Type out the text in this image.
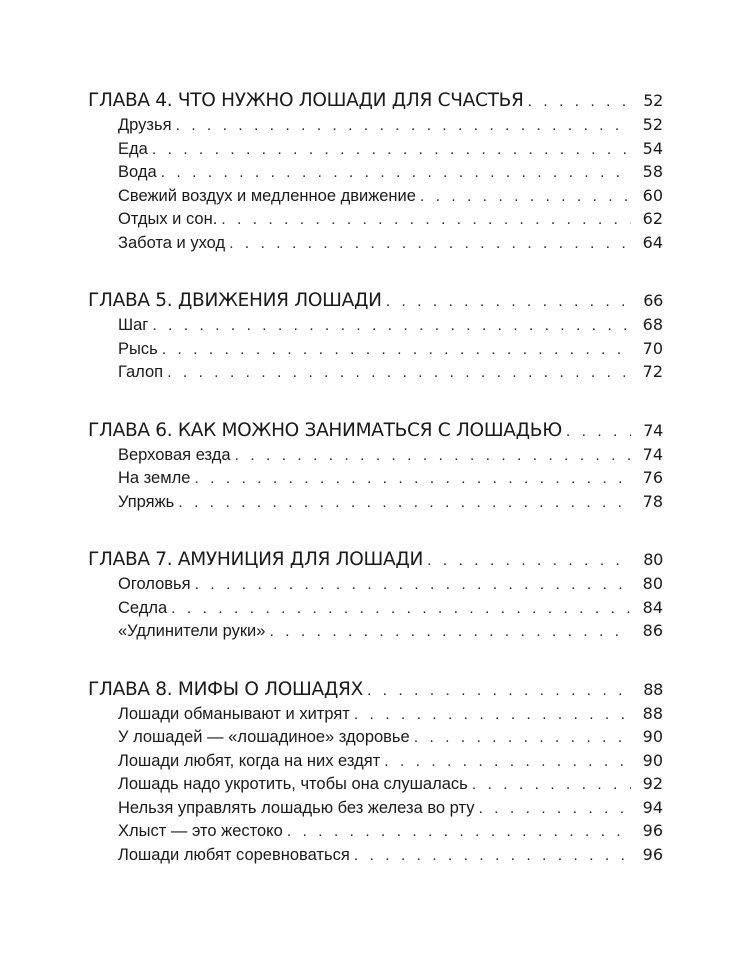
ГЛАВА 4. ЧТО НУЖНО ЛОШАДИ ДЛЯ СЧАСТЬЯ . . .	52
Друзья . . .	52
Еда . . .	54
Вода . . .	58
Свежий воздух и медленное движение . . .	60
Отдых и сон. . . .	62
Забота и уход . . .	64
ГЛАВА 5. ДВИЖЕНИЯ ЛОШАДИ . . .	66
Шаг . . .	68
Рысь . . .	70
Галоп . . .	72
ГЛАВА 6. КАК МОЖНО ЗАНИМАТЬСЯ С ЛОШАДЬЮ . . .	74
Верховая езда . . .	74
На земле . . .	76
Упряжь . . .	78
ГЛАВА 7. АМУНИЦИЯ ДЛЯ ЛОШАДИ . . .	80
Оголовья . . .	80
Седла . . .	84
«Удлинители руки» . . .	86
ГЛАВА 8. МИФЫ О ЛОШАДЯХ . . .	88
Лошади обманывают и хитрят . . .	88
У лошадей — «лошадиное» здоровье . . .	90
Лошади любят, когда на них ездят . . .	90
Лошадь надо укротить, чтобы она слушалась . . .	92
Нельзя управлять лошадью без железа во рту . . .	94
Хлыст — это жестоко . . .	96
Лошади любят соревноваться . . .	96
